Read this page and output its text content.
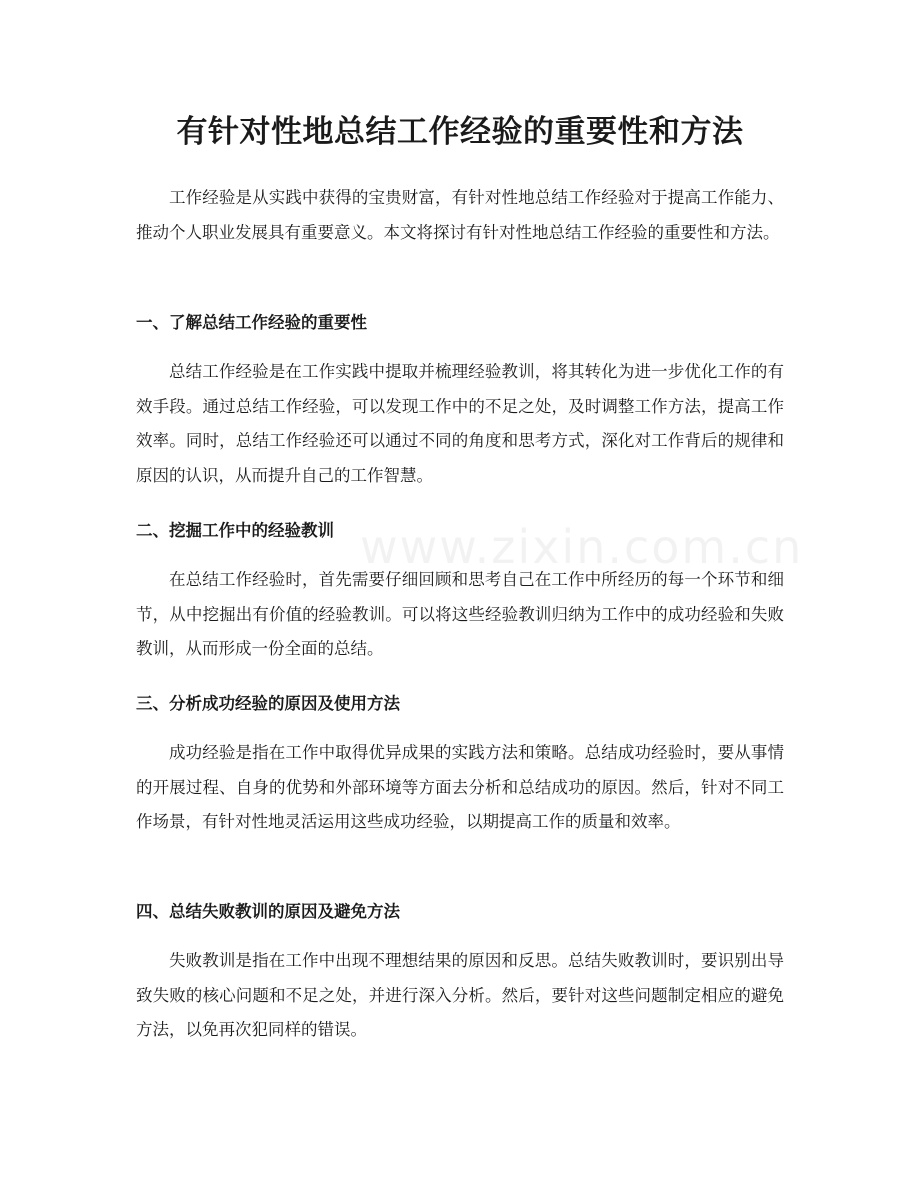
有针对性地总结工作经验的重要性和方法

工作经验是从实践中获得的宝贵财富，有针对性地总结工作经验对于提高工作能力、推动个人职业发展具有重要意义。本文将探讨有针对性地总结工作经验的重要性和方法。

一、了解总结工作经验的重要性

总结工作经验是在工作实践中提取并梳理经验教训，将其转化为进一步优化工作的有效手段。通过总结工作经验，可以发现工作中的不足之处，及时调整工作方法，提高工作效率。同时，总结工作经验还可以通过不同的角度和思考方式，深化对工作背后的规律和原因的认识，从而提升自己的工作智慧。

二、挖掘工作中的经验教训

在总结工作经验时，首先需要仔细回顾和思考自己在工作中所经历的每一个环节和细节，从中挖掘出有价值的经验教训。可以将这些经验教训归纳为工作中的成功经验和失败教训，从而形成一份全面的总结。

三、分析成功经验的原因及使用方法

成功经验是指在工作中取得优异成果的实践方法和策略。总结成功经验时，要从事情的开展过程、自身的优势和外部环境等方面去分析和总结成功的原因。然后，针对不同工作场景，有针对性地灵活运用这些成功经验，以期提高工作的质量和效率。

四、总结失败教训的原因及避免方法

失败教训是指在工作中出现不理想结果的原因和反思。总结失败教训时，要识别出导致失败的核心问题和不足之处，并进行深入分析。然后，要针对这些问题制定相应的避免方法，以免再次犯同样的错误。

www.zixin.com.cn
